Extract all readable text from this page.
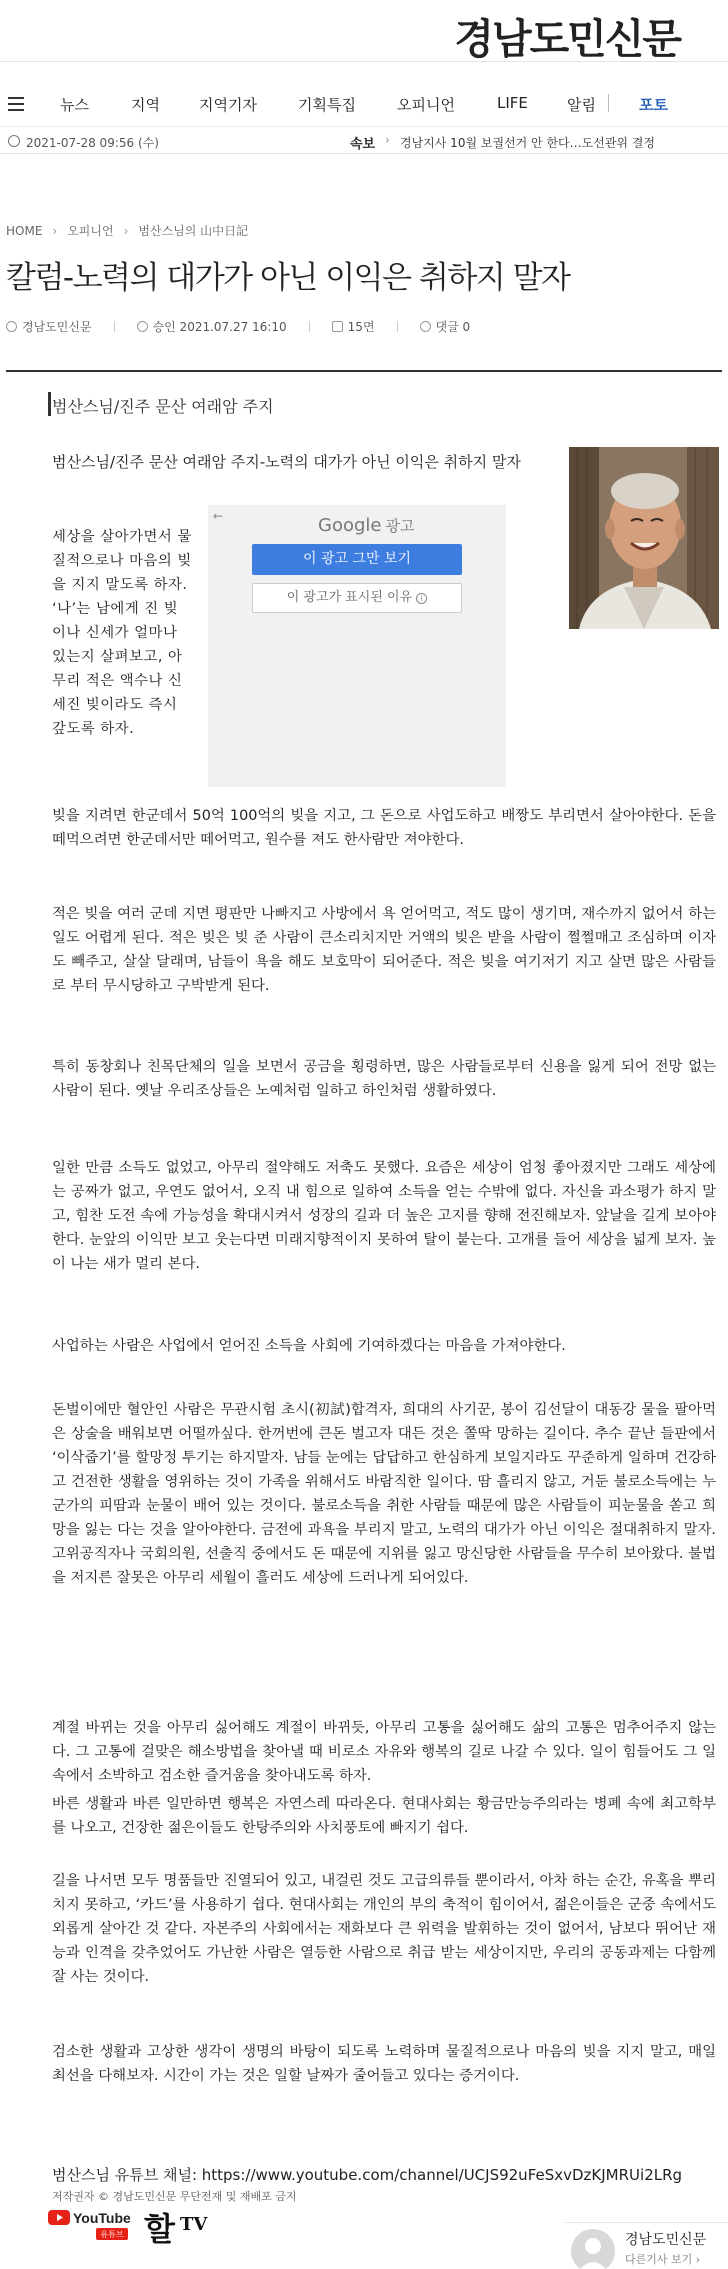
경남도민신문
뉴스	지역	지역기자	기획특집	오피니언	LIFE	알림	포토
2021-07-28 09:56 (수)	속보 › 경남지사 10월 보궐선거 안 한다…도선관위 결정
HOME › 오피니언 › 범산스님의 山中日記
칼럼-노력의 대가가 아닌 이익은 취하지 말자
경남도민신문	승인 2021.07.27 16:10	15면	댓글 0
범산스님/진주 문산 여래암 주지
범산스님/진주 문산 여래암 주지-노력의 대가가 아닌 이익은 취하지 말자
세상을 살아가면서 물질적으로나 마음의 빚을 지지 말도록 하자. ‘나’는 남에게 진 빚이나 신세가 얼마나 있는지 살펴보고, 아무리 적은 액수나 신세진 빚이라도 즉시 갚도록 하자.
←	Google 광고
이 광고 그만 보기
이 광고가 표시된 이유 i
빚을 지려면 한군데서 50억 100억의 빚을 지고, 그 돈으로 사업도하고 배짱도 부리면서 살아야한다. 돈을 떼먹으려면 한군데서만 떼어먹고, 원수를 져도 한사람만 져야한다.
적은 빚을 여러 군데 지면 평판만 나빠지고 사방에서 욕 얻어먹고, 적도 많이 생기며, 재수까지 없어서 하는 일도 어렵게 된다. 적은 빚은 빚 준 사람이 큰소리치지만 거액의 빚은 받을 사람이 쩔쩔매고 조심하며 이자도 빼주고, 살살 달래며, 남들이 욕을 해도 보호막이 되어준다. 적은 빚을 여기저기 지고 살면 많은 사람들로 부터 무시당하고 구박받게 된다.
특히 동창회나 친목단체의 일을 보면서 공금을 횡령하면, 많은 사람들로부터 신용을 잃게 되어 전망 없는 사람이 된다. 옛날 우리조상들은 노예처럼 일하고 하인처럼 생활하였다.
일한 만큼 소득도 없었고, 아무리 절약해도 저축도 못했다. 요즘은 세상이 엄청 좋아졌지만 그래도 세상에는 공짜가 없고, 우연도 없어서, 오직 내 힘으로 일하여 소득을 얻는 수밖에 없다. 자신을 과소평가 하지 말고, 힘찬 도전 속에 가능성을 확대시켜서 성장의 길과 더 높은 고지를 향해 전진해보자. 앞날을 길게 보아야한다. 눈앞의 이익만 보고 웃는다면 미래지향적이지 못하여 탈이 붙는다. 고개를 들어 세상을 넓게 보자. 높이 나는 새가 멀리 본다.
사업하는 사람은 사업에서 얻어진 소득을 사회에 기여하겠다는 마음을 가져야한다.
돈벌이에만 혈안인 사람은 무관시험 초시(初試)합격자, 희대의 사기꾼, 봉이 김선달이 대동강 물을 팔아먹은 상술을 배워보면 어떨까싶다. 한꺼번에 큰돈 벌고자 대든 것은 쫄딱 망하는 길이다. 추수 끝난 들판에서 ‘이삭줍기’를 할망정 투기는 하지말자. 남들 눈에는 답답하고 한심하게 보일지라도 꾸준하게 일하며 건강하고 건전한 생활을 영위하는 것이 가족을 위해서도 바람직한 일이다. 땀 흘리지 않고, 거둔 불로소득에는 누군가의 피땀과 눈물이 배어 있는 것이다. 불로소득을 취한 사람들 때문에 많은 사람들이 피눈물을 쏟고 희망을 잃는 다는 것을 알아야한다. 금전에 과욕을 부리지 말고, 노력의 대가가 아닌 이익은 절대취하지 말자. 고위공직자나 국회의원, 선출직 중에서도 돈 때문에 지위를 잃고 망신당한 사람들을 무수히 보아왔다. 불법을 저지른 잘못은 아무리 세월이 흘러도 세상에 드러나게 되어있다.
계절 바뀌는 것을 아무리 싫어해도 계절이 바뀌듯, 아무리 고통을 싫어해도 삶의 고통은 멈추어주지 않는다. 그 고통에 걸맞은 해소방법을 찾아낼 때 비로소 자유와 행복의 길로 나갈 수 있다. 일이 힘들어도 그 일속에서 소박하고 검소한 즐거움을 찾아내도록 하자.
바른 생활과 바른 일만하면 행복은 자연스레 따라온다. 현대사회는 황금만능주의라는 병폐 속에 최고학부를 나오고, 건장한 젊은이들도 한탕주의와 사치풍토에 빠지기 쉽다.
길을 나서면 모두 명품들만 진열되어 있고, 내걸린 것도 고급의류들 뿐이라서, 아차 하는 순간, 유혹을 뿌리치지 못하고, ‘카드’를 사용하기 쉽다. 현대사회는 개인의 부의 축적이 힘이어서, 젊은이들은 군중 속에서도 외롭게 살아간 것 같다. 자본주의 사회에서는 재화보다 큰 위력을 발휘하는 것이 없어서, 남보다 뛰어난 재능과 인격을 갖추었어도 가난한 사람은 열등한 사람으로 취급 받는 세상이지만, 우리의 공동과제는 다함께 잘 사는 것이다.
검소한 생활과 고상한 생각이 생명의 바탕이 되도록 노력하며 물질적으로나 마음의 빚을 지지 말고, 매일 최선을 다해보자. 시간이 가는 것은 일할 날짜가 줄어들고 있다는 증거이다.
범산스님 유튜브 채널: https://www.youtube.com/channel/UCJS92uFeSxvDzKJMRUi2LRg
저작권자 © 경남도민신문 무단전재 및 재배포 금지
YouTube
유튜브 할 TV
경남도민신문
다른기사 보기 ›
